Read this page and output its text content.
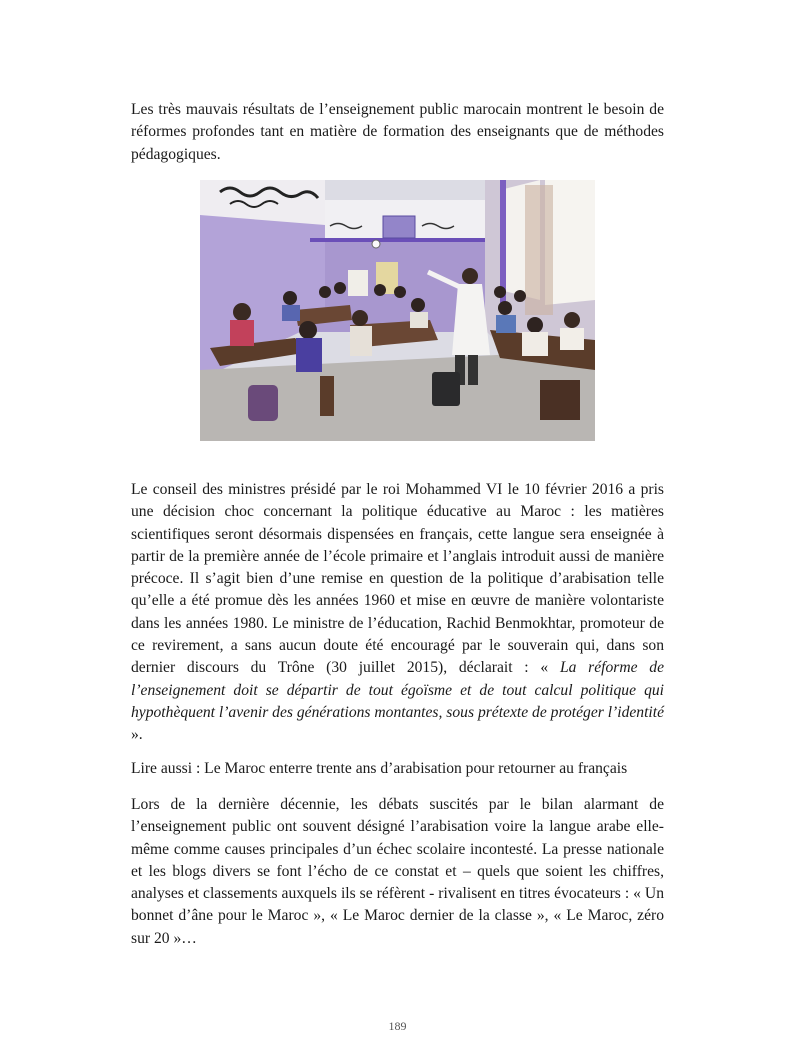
Les très mauvais résultats de l’enseignement public marocain montrent le besoin de réformes profondes tant en matière de formation des enseignants que de méthodes pédagogiques.

Le conseil des ministres présidé par le roi Mohammed VI le 10 février 2016 a pris une décision choc concernant la politique éducative au Maroc : les matières scientifiques seront désormais dispensées en français, cette langue sera enseignée à partir de la première année de l’école primaire et l’anglais introduit aussi de manière précoce. Il s’agit bien d’une remise en question de la politique d’arabisation telle qu’elle a été promue dès les années 1960 et mise en œuvre de manière volontariste dans les années 1980. Le ministre de l’éducation, Rachid Benmokhtar, promoteur de ce revirement, a sans aucun doute été encouragé par le souverain qui, dans son dernier discours du Trône (30 juillet 2015), déclarait : « La réforme de l’enseignement doit se départir de tout égoïsme et de tout calcul politique qui hypothèquent l’avenir des générations montantes, sous prétexte de protéger l’identité ».

Lire aussi : Le Maroc enterre trente ans d’arabisation pour retourner au français

Lors de la dernière décennie, les débats suscités par le bilan alarmant de l’enseignement public ont souvent désigné l’arabisation voire la langue arabe elle-même comme causes principales d’un échec scolaire incontesté. La presse nationale et les blogs divers se font l’écho de ce constat et – quels que soient les chiffres, analyses et classements auxquels ils se réfèrent - rivalisent en titres évocateurs : « Un bonnet d’âne pour le Maroc », « Le Maroc dernier de la classe », « Le Maroc, zéro sur 20 »…

189
